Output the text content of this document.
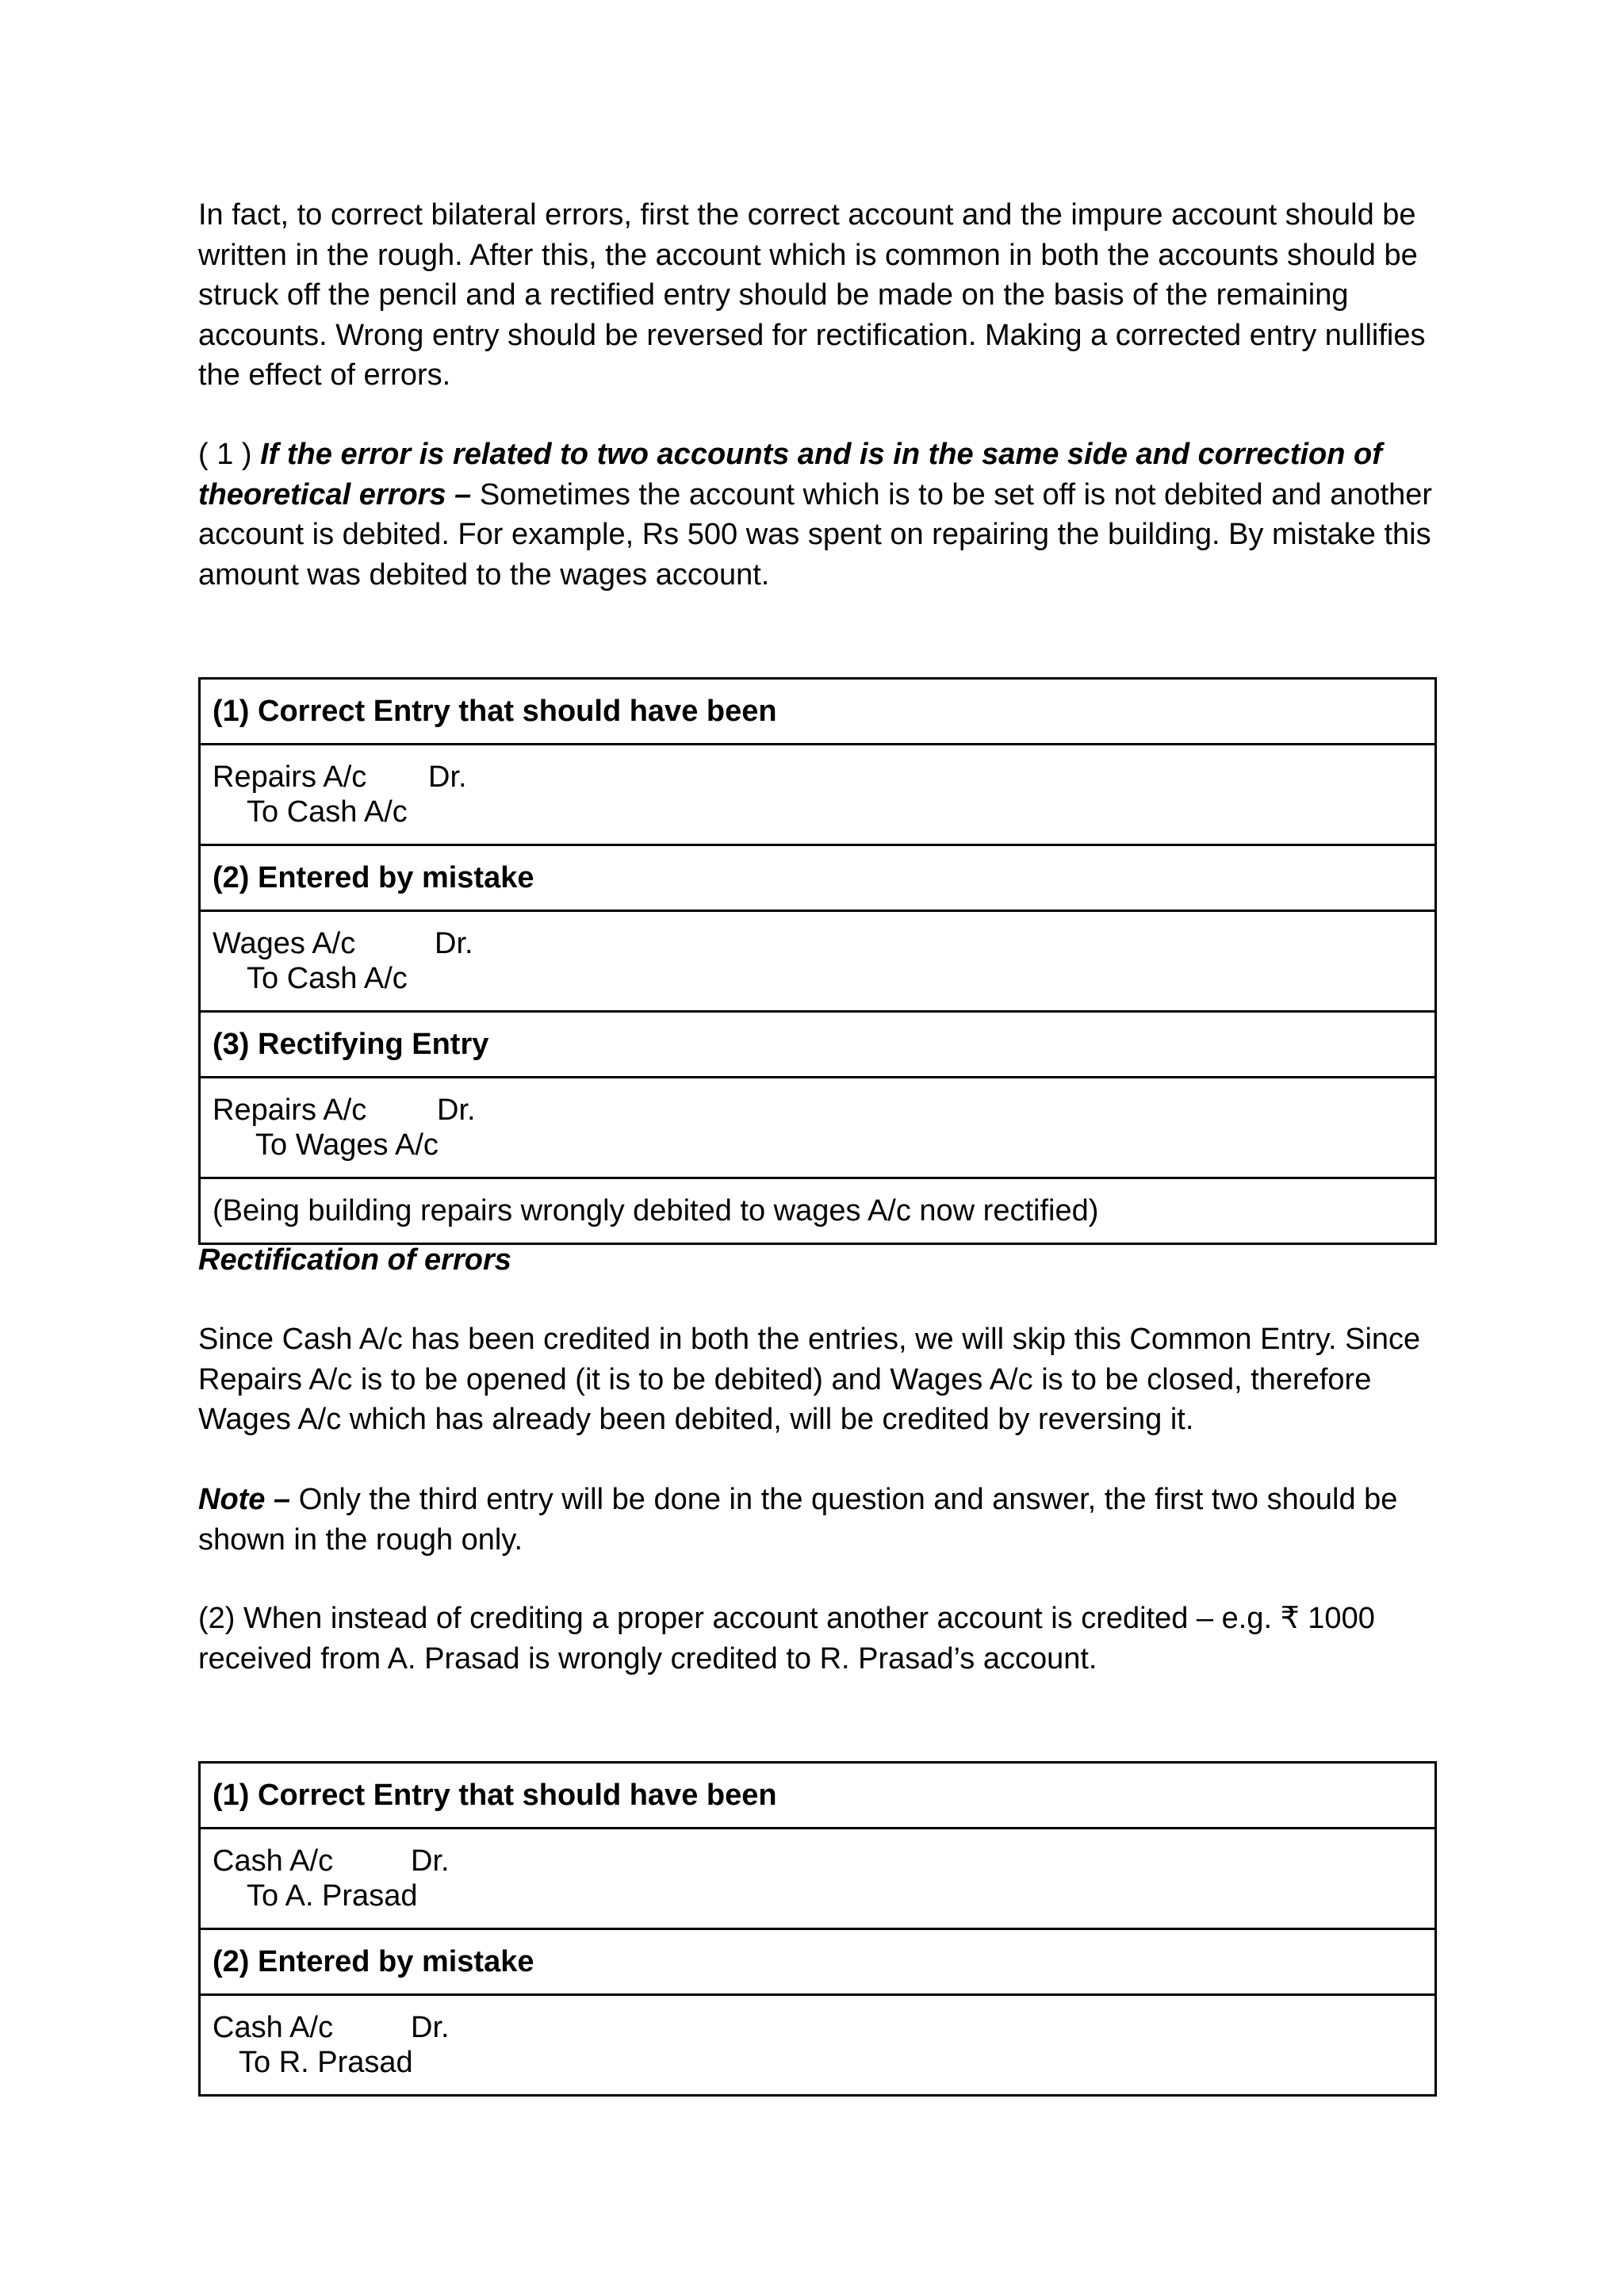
In fact, to correct bilateral errors, first the correct account and the impure account should be written in the rough. After this, the account which is common in both the accounts should be struck off the pencil and a rectified entry should be made on the basis of the remaining accounts. Wrong entry should be reversed for rectification. Making a corrected entry nullifies the effect of errors.

( 1 ) If the error is related to two accounts and is in the same side and correction of theoretical errors – Sometimes the account which is to be set off is not debited and another account is debited. For example, Rs 500 was spent on repairing the building. By mistake this amount was debited to the wages account.

(1) Correct Entry that should have been

Repairs A/c Dr.
To Cash A/c

(2) Entered by mistake

Wages A/c	Dr.
To Cash A/c

(3) Rectifying Entry

Repairs A/c Dr.
To Wages A/c

(Being building repairs wrongly debited to wages A/c now rectified)

Rectification of errors

Since Cash A/c has been credited in both the entries, we will skip this Common Entry. Since Repairs A/c is to be opened (it is to be debited) and Wages A/c is to be closed, therefore Wages A/c which has already been debited, will be credited by reversing it.

Note – Only the third entry will be done in the question and answer, the first two should be shown in the rough only.

(2) When instead of crediting a proper account another account is credited – e.g. ₹ 1000 received from A. Prasad is wrongly credited to R. Prasad’s account.

(1) Correct Entry that should have been

Cash A/c	Dr.
To A. Prasad

(2) Entered by mistake

Cash A/c	Dr.
To R. Prasad
